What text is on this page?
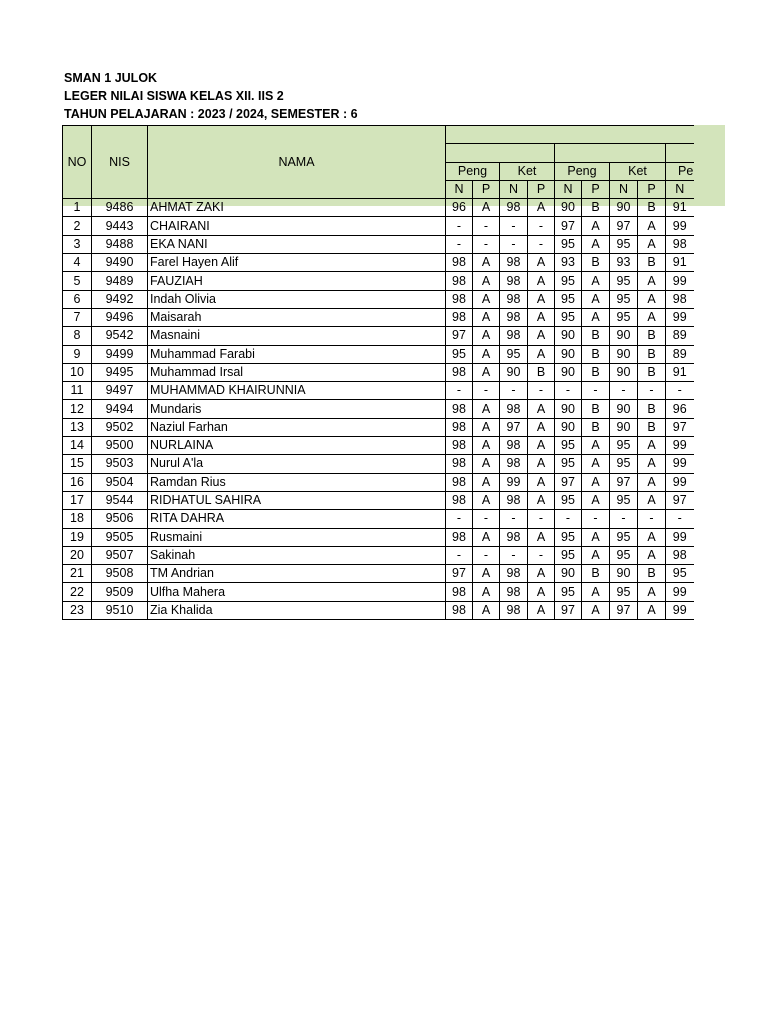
SMAN 1 JULOK
LEGER NILAI SISWA KELAS XII. IIS 2
TAHUN PELAJARAN : 2023 / 2024, SEMESTER : 6
NO	NIS	NAMA									

			Peng		Ket		Peng		Ket		Pe
			N	P	N	P	N	P	N	P	N
1	9486	AHMAT ZAKI	96	A	98	A	90	B	90	B	91
2	9443	CHAIRANI	-	-	-	-	97	A	97	A	99
3	9488	EKA NANI	-	-	-	-	95	A	95	A	98
4	9490	Farel Hayen Alif	98	A	98	A	93	B	93	B	91
5	9489	FAUZIAH	98	A	98	A	95	A	95	A	99
6	9492	Indah Olivia	98	A	98	A	95	A	95	A	98
7	9496	Maisarah	98	A	98	A	95	A	95	A	99
8	9542	Masnaini	97	A	98	A	90	B	90	B	89
9	9499	Muhammad Farabi	95	A	95	A	90	B	90	B	89
10	9495	Muhammad Irsal	98	A	90	B	90	B	90	B	91
11	9497	MUHAMMAD KHAIRUNNIA	-	-	-	-	-	-	-	-	-
12	9494	Mundaris	98	A	98	A	90	B	90	B	96
13	9502	Naziul Farhan	98	A	97	A	90	B	90	B	97
14	9500	NURLAINA	98	A	98	A	95	A	95	A	99
15	9503	Nurul A'la	98	A	98	A	95	A	95	A	99
16	9504	Ramdan Rius	98	A	99	A	97	A	97	A	99
17	9544	RIDHATUL SAHIRA	98	A	98	A	95	A	95	A	97
18	9506	RITA DAHRA	-	-	-	-	-	-	-	-	-
19	9505	Rusmaini	98	A	98	A	95	A	95	A	99
20	9507	Sakinah	-	-	-	-	95	A	95	A	98
21	9508	TM Andrian	97	A	98	A	90	B	90	B	95
22	9509	Ulfha Mahera	98	A	98	A	95	A	95	A	99
23	9510	Zia Khalida	98	A	98	A	97	A	97	A	99
